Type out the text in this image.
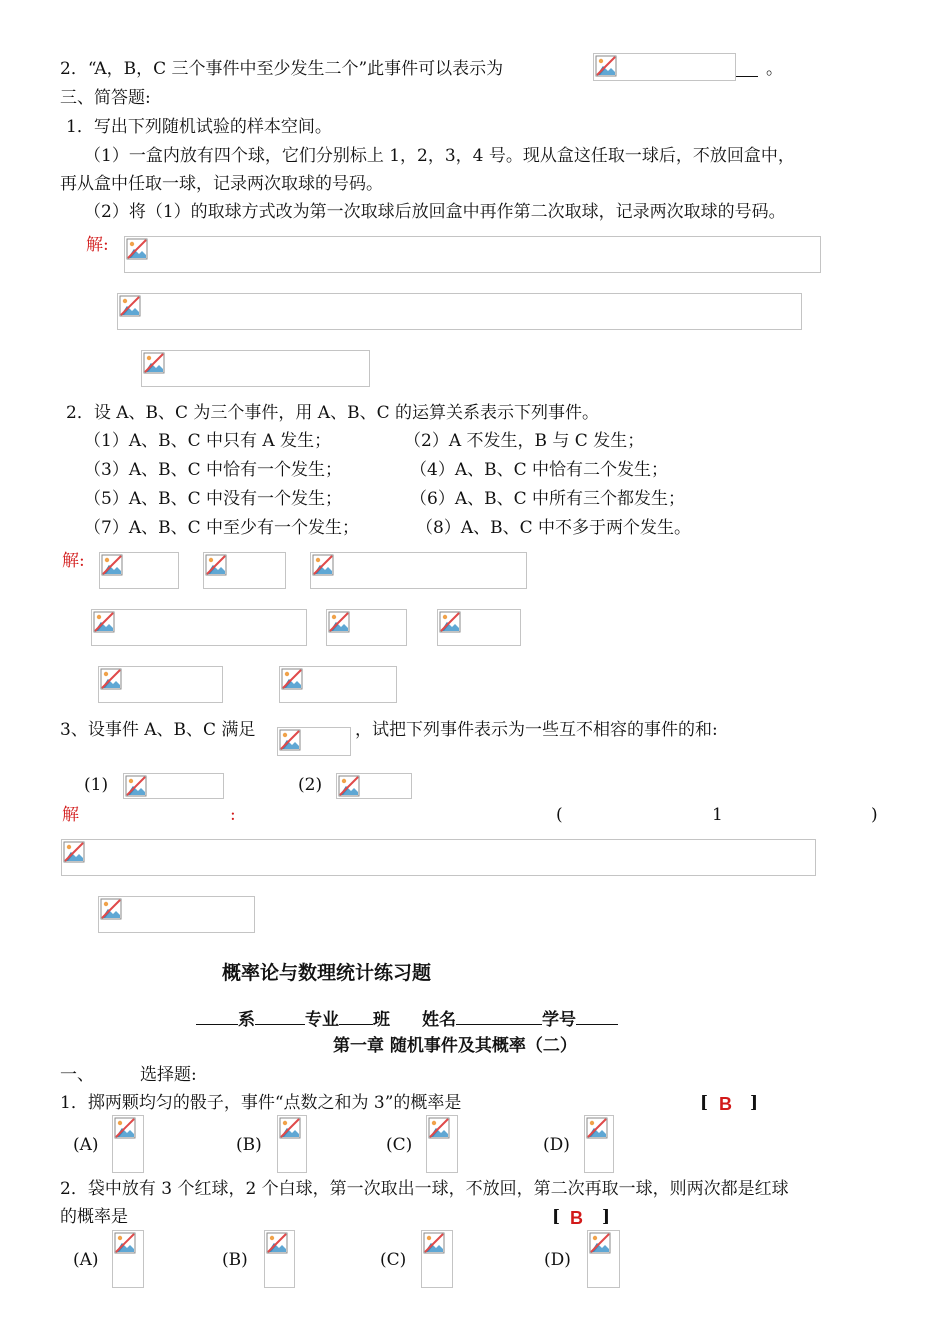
2．“A，B，C 三个事件中至少发生二个”此事件可以表示为	。
三、简答题:
1．写出下列随机试验的样本空间。
（1）一盒内放有四个球，它们分别标上 1，2，3，4 号。现从盒这任取一球后，不放回盒中，
再从盒中任取一球，记录两次取球的号码。
（2）将（1）的取球方式改为第一次取球后放回盒中再作第二次取球，记录两次取球的号码。
解:
2．设 A、B、C 为三个事件，用 A、B、C 的运算关系表示下列事件。
（1）A、B、C 中只有 A 发生；	（2）A 不发生，B 与 C 发生；
（3）A、B、C 中恰有一个发生；	（4）A、B、C 中恰有二个发生；
（5）A、B、C 中没有一个发生；	（6）A、B、C 中所有三个都发生；
（7）A、B、C 中至少有一个发生；	（8）A、B、C 中不多于两个发生。
解:
3、设事件 A、B、C 满足	，试把下列事件表示为一些互不相容的事件的和:
(1)	(2)
解	:	(	1	)
概率论与数理统计练习题
系	专业 班 姓名	学号
第一章 随机事件及其概率（二）
一、	选择题:
1．掷两颗均匀的骰子，事件“点数之和为 3”的概率是	[ B ]
(A)	(B)	(C)	(D)
2．袋中放有 3 个红球，2 个白球，第一次取出一球，不放回，第二次再取一球，则两次都是红球
的概率是	[ B ]
(A)	(B)	(C)	(D)
